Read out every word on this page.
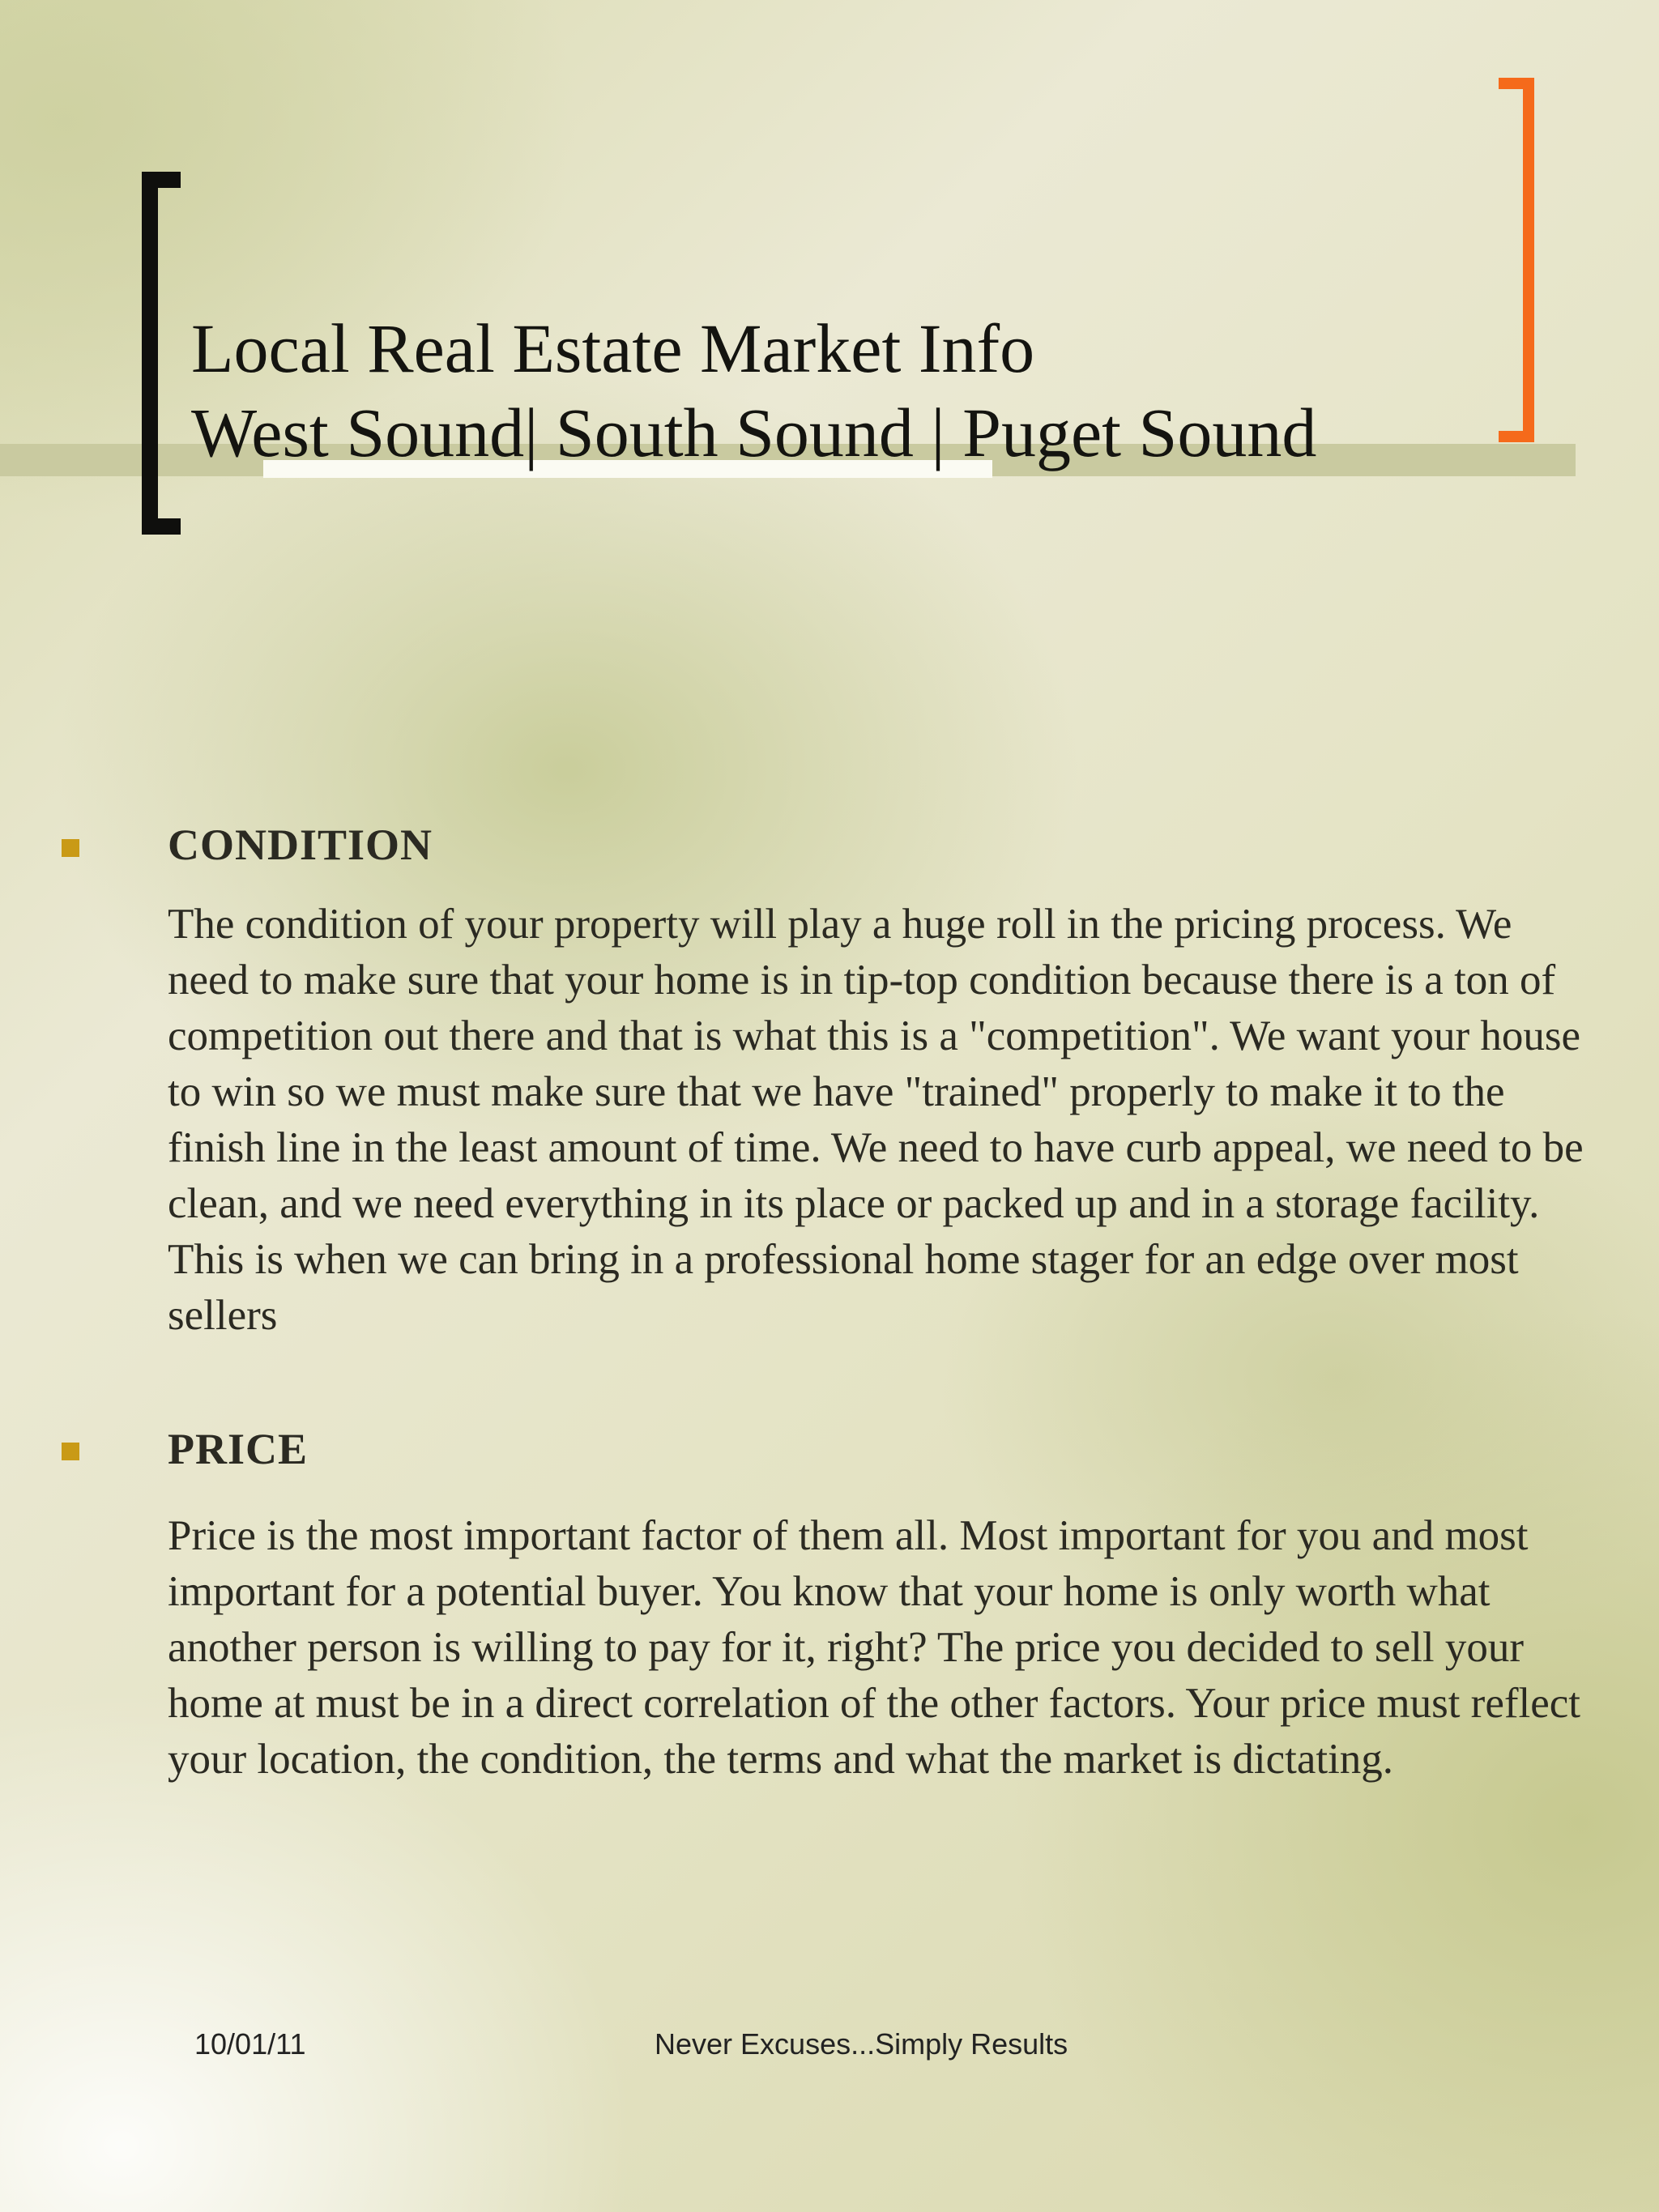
Local Real Estate Market Info
West Sound| South Sound | Puget Sound
CONDITION
The condition of your property will play a huge roll in the pricing process. We need to make sure that your home is in tip-top condition because there is a ton of competition out there and that is what this is a "competition". We want your house to win so we must make sure that we have "trained" properly to make it to the finish line in the least amount of time. We need to have curb appeal, we need to be clean, and we need everything in its place or packed up and in a storage facility. This is when we can bring in a professional home stager for an edge over most sellers
PRICE
Price is the most important factor of them all. Most important for you and most important for a potential buyer. You know that your home is only worth what another person is willing to pay for it, right? The price you decided to sell your home at must be in a direct correlation of the other factors. Your price must reflect your location, the condition, the terms and what the market is dictating.
10/01/11	Never Excuses...Simply Results
